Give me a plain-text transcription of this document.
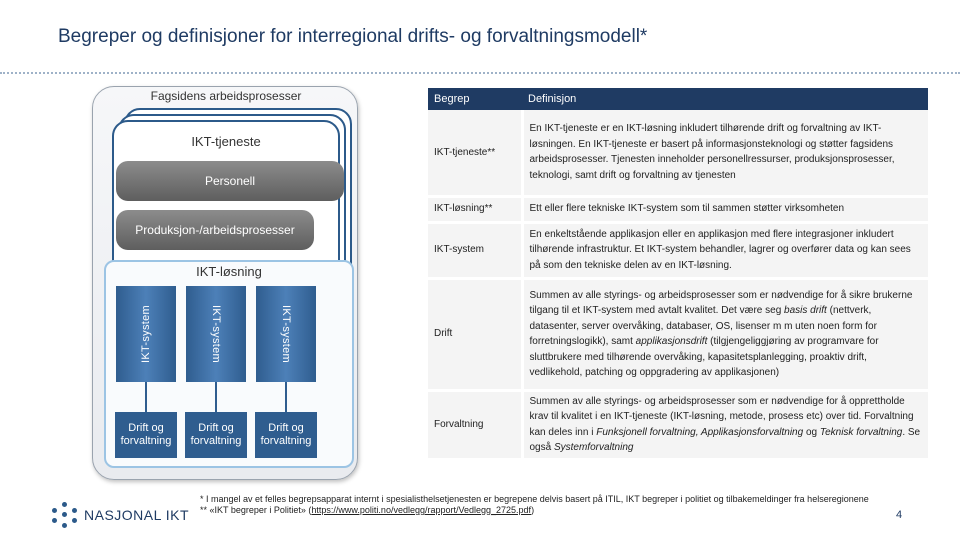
Begreper og definisjoner for interregional drifts- og forvaltningsmodell*
Fagsidens arbeidsprosesser
IKT-tjeneste
Personell
Produksjon-/arbeidsprosesser
IKT-løsning
IKT-system	IKT-system	IKT-system
Drift og forvaltning
Drift og forvaltning
Drift og forvaltning
Begrep	Definisjon
IKT-tjeneste**	En IKT-tjeneste er en IKT-løsning inkludert tilhørende drift og forvaltning av IKT-løsningen. En IKT-tjeneste er basert på informasjonsteknologi og støtter fagsidens arbeidsprosesser. Tjenesten inneholder personellressurser, produksjonsprosesser, teknologi, samt drift og forvaltning av tjenesten
IKT-løsning**	Ett eller flere tekniske IKT-system som til sammen støtter virksomheten
IKT-system	En enkeltstående applikasjon eller en applikasjon med flere integrasjoner inkludert tilhørende infrastruktur. Et IKT-system behandler, lagrer og overfører data og kan sees på som den tekniske delen av en IKT-løsning.
Drift	Summen av alle styrings- og arbeidsprosesser som er nødvendige for å sikre brukerne tilgang til et IKT-system med avtalt kvalitet. Det være seg basis drift (nettverk, datasenter, server overvåking, databaser, OS, lisenser m m uten noen form for forretningslogikk), samt applikasjonsdrift (tilgjengeliggjøring av programvare for sluttbrukere med tilhørende overvåking, kapasitetsplanlegging, proaktiv drift, vedlikehold, patching og oppgradering av applikasjonen)
Forvaltning	Summen av alle styrings- og arbeidsprosesser som er nødvendige for å opprettholde krav til kvalitet i en IKT-tjeneste (IKT-løsning, metode, prosess etc) over tid. Forvaltning kan deles inn i Funksjonell forvaltning, Applikasjonsforvaltning og Teknisk forvaltning. Se også Systemforvaltning
NASJONAL IKT
* I mangel av et felles begrepsapparat internt i spesialisthelsetjenesten er begrepene delvis basert på ITIL, IKT begreper i politiet og tilbakemeldinger fra helseregionene
** «IKT begreper i Politiet» (https://www.politi.no/vedlegg/rapport/Vedlegg_2725.pdf)	4
